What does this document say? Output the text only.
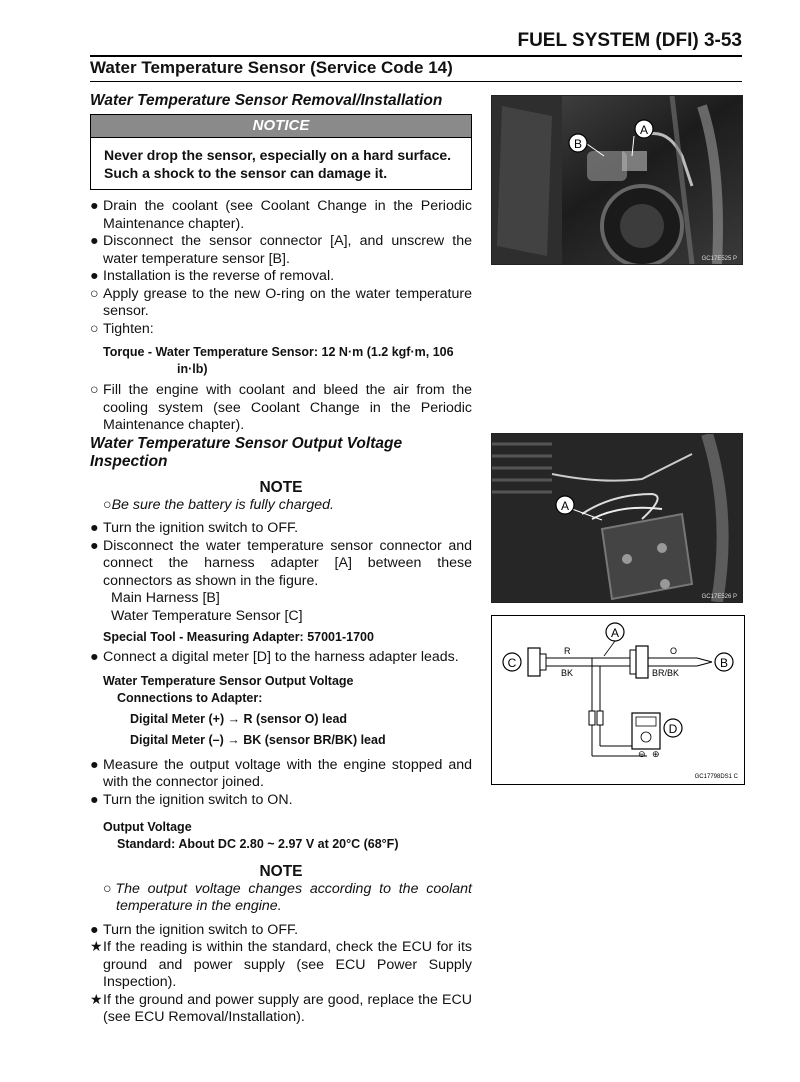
FUEL SYSTEM (DFI) 3-53
Water Temperature Sensor (Service Code 14)

Water Temperature Sensor Removal/Installation

NOTICE
Never drop the sensor, especially on a hard surface. Such a shock to the sensor can damage it.
● Drain the coolant (see Coolant Change in the Periodic Maintenance chapter).
● Disconnect the sensor connector [A], and unscrew the water temperature sensor [B].
● Installation is the reverse of removal.
○ Apply grease to the new O-ring on the water temperature sensor.
○ Tighten:
Torque - Water Temperature Sensor: 12 N·m (1.2 kgf·m, 106
in·lb)
○ Fill the engine with coolant and bleed the air from the cooling system (see Coolant Change in the Periodic Maintenance chapter).

Water Temperature Sensor Output Voltage Inspection

NOTE
○Be sure the battery is fully charged.
● Turn the ignition switch to OFF.
● Disconnect the water temperature sensor connector and connect the harness adapter [A] between these connectors as shown in the figure.
Main Harness [B]
Water Temperature Sensor [C]
Special Tool - Measuring Adapter: 57001-1700
● Connect a digital meter [D] to the harness adapter leads.
Water Temperature Sensor Output Voltage
Connections to Adapter:
Digital Meter (+) → R (sensor O) lead
Digital Meter (–) → BK (sensor BR/BK) lead
● Measure the output voltage with the engine stopped and with the connector joined.
● Turn the ignition switch to ON.
Output Voltage
Standard: About DC 2.80 ~ 2.97 V at 20°C (68°F)
NOTE
○The output voltage changes according to the coolant temperature in the engine.
● Turn the ignition switch to OFF.
★ If the reading is within the standard, check the ECU for its ground and power supply (see ECU Power Supply Inspection).
★ If the ground and power supply are good, replace the ECU (see ECU Removal/Installation).
A
B
GC17E525 P
A
GC17E526 P
C
A
R
BK
O
BR/BK
B
⊕
⊖
D
GC17798DS1 C
